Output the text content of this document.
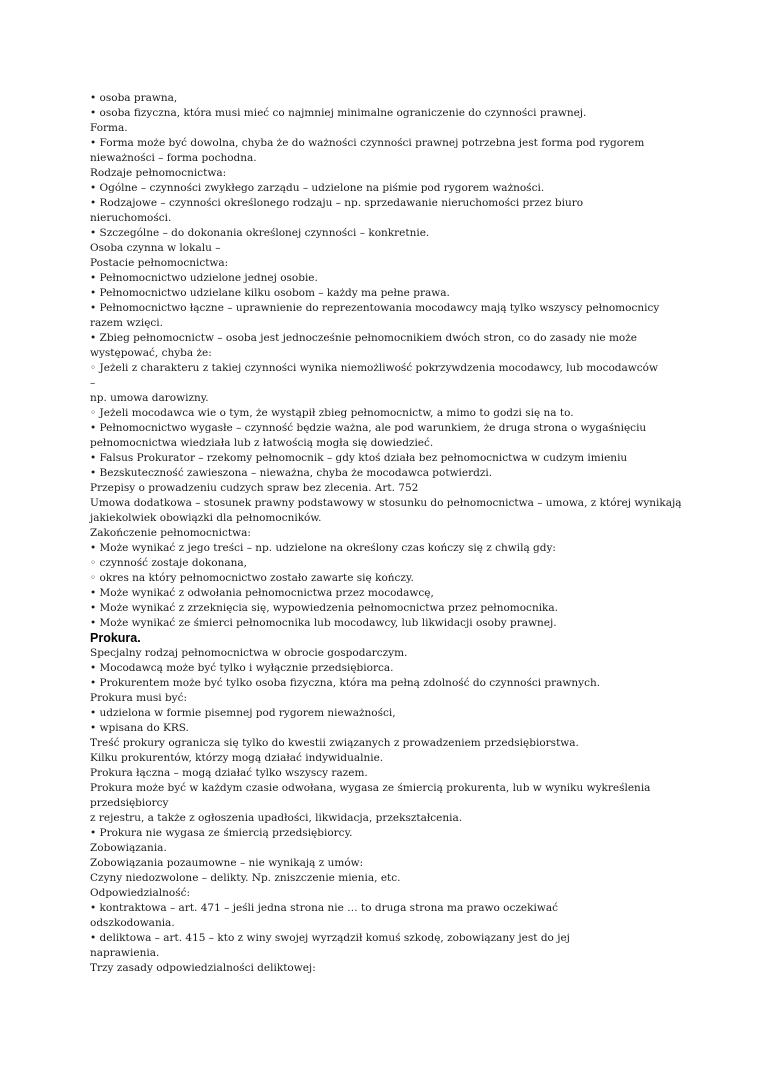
• osoba prawna,
• osoba fizyczna, która musi mieć co najmniej minimalne ograniczenie do czynności prawnej.
Forma.
• Forma może być dowolna, chyba że do ważności czynności prawnej potrzebna jest forma pod rygorem
nieważności – forma pochodna.
Rodzaje pełnomocnictwa:
• Ogólne – czynności zwykłego zarządu – udzielone na piśmie pod rygorem ważności.
• Rodzajowe – czynności określonego rodzaju – np. sprzedawanie nieruchomości przez biuro
nieruchomości.
• Szczególne – do dokonania określonej czynności – konkretnie.
Osoba czynna w lokalu –
Postacie pełnomocnictwa:
• Pełnomocnictwo udzielone jednej osobie.
• Pełnomocnictwo udzielane kilku osobom – każdy ma pełne prawa.
• Pełnomocnictwo łączne – uprawnienie do reprezentowania mocodawcy mają tylko wszyscy pełnomocnicy
razem wzięci.
• Zbieg pełnomocnictw – osoba jest jednocześnie pełnomocnikiem dwóch stron, co do zasady nie może
występować, chyba że:
◦ Jeżeli z charakteru z takiej czynności wynika niemożliwość pokrzywdzenia mocodawcy, lub mocodawców
–
np. umowa darowizny.
◦ Jeżeli mocodawca wie o tym, że wystąpił zbieg pełnomocnictw, a mimo to godzi się na to.
• Pełnomocnictwo wygasłe – czynność będzie ważna, ale pod warunkiem, że druga strona o wygaśnięciu
pełnomocnictwa wiedziała lub z łatwością mogła się dowiedzieć.
• Falsus Prokurator – rzekomy pełnomocnik – gdy ktoś działa bez pełnomocnictwa w cudzym imieniu
• Bezskuteczność zawieszona – nieważna, chyba że mocodawca potwierdzi.
Przepisy o prowadzeniu cudzych spraw bez zlecenia. Art. 752
Umowa dodatkowa – stosunek prawny podstawowy w stosunku do pełnomocnictwa – umowa, z której wynikają
jakiekolwiek obowiązki dla pełnomocników.
Zakończenie pełnomocnictwa:
• Może wynikać z jego treści – np. udzielone na określony czas kończy się z chwilą gdy:
◦ czynność zostaje dokonana,
◦ okres na który pełnomocnictwo zostało zawarte się kończy.
• Może wynikać z odwołania pełnomocnictwa przez mocodawcę,
• Może wynikać z zrzeknięcia się, wypowiedzenia pełnomocnictwa przez pełnomocnika.
• Może wynikać ze śmierci pełnomocnika lub mocodawcy, lub likwidacji osoby prawnej.
Prokura.
Specjalny rodzaj pełnomocnictwa w obrocie gospodarczym.
• Mocodawcą może być tylko i wyłącznie przedsiębiorca.
• Prokurentem może być tylko osoba fizyczna, która ma pełną zdolność do czynności prawnych.
Prokura musi być:
• udzielona w formie pisemnej pod rygorem nieważności,
• wpisana do KRS.
Treść prokury ogranicza się tylko do kwestii związanych z prowadzeniem przedsiębiorstwa.
Kilku prokurentów, którzy mogą działać indywidualnie.
Prokura łączna – mogą działać tylko wszyscy razem.
Prokura może być w każdym czasie odwołana, wygasa ze śmiercią prokurenta, lub w wyniku wykreślenia
przedsiębiorcy
z rejestru, a także z ogłoszenia upadłości, likwidacja, przekształcenia.
• Prokura nie wygasa ze śmiercią przedsiębiorcy.
Zobowiązania.
Zobowiązania pozaumowne – nie wynikają z umów:
Czyny niedozwolone – delikty. Np. zniszczenie mienia, etc.
Odpowiedzialność:
• kontraktowa – art. 471 – jeśli jedna strona nie … to druga strona ma prawo oczekiwać
odszkodowania.
• deliktowa – art. 415 – kto z winy swojej wyrządził komuś szkodę, zobowiązany jest do jej
naprawienia.
Trzy zasady odpowiedzialności deliktowej:
